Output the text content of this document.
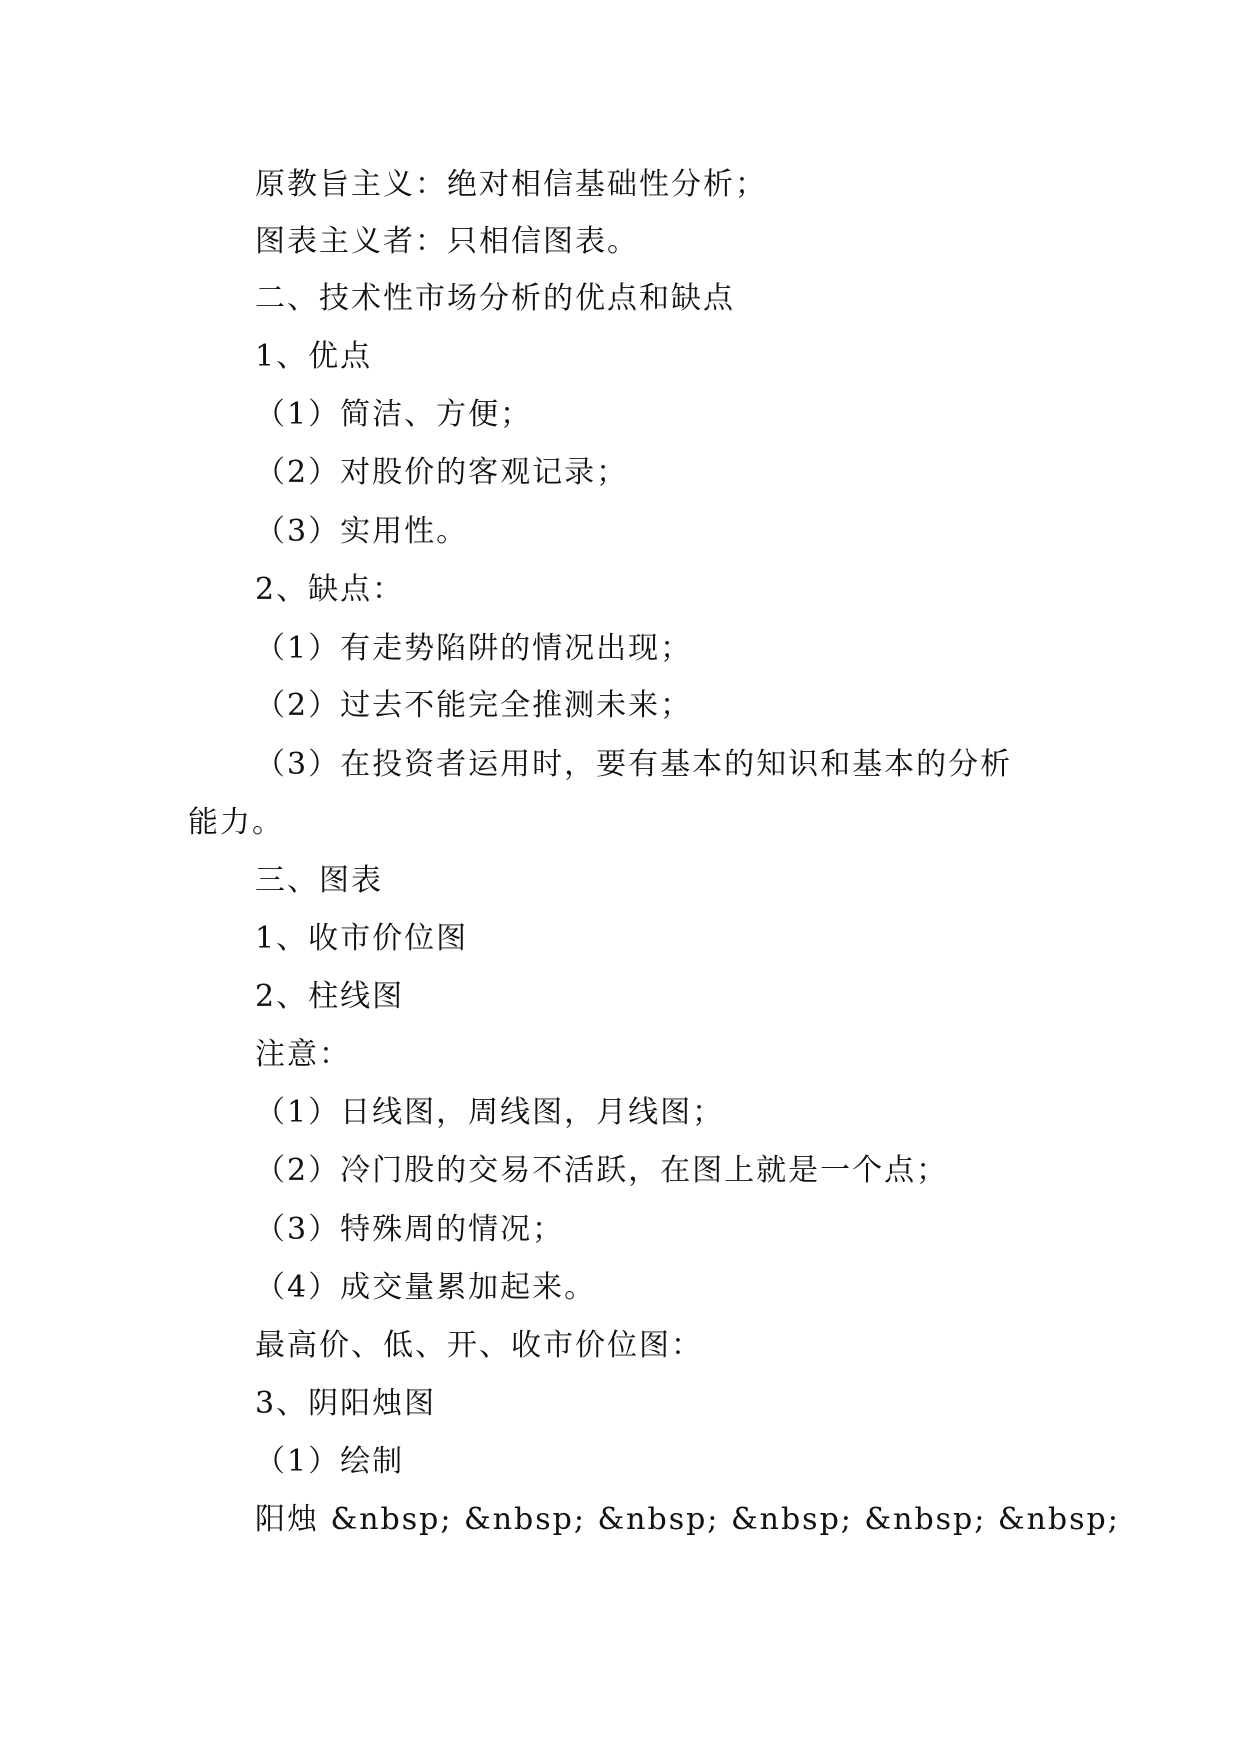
原教旨主义：绝对相信基础性分析；
图表主义者：只相信图表。
二、技术性市场分析的优点和缺点
1、优点
（1）简洁、方便；
（2）对股价的客观记录；
（3）实用性。
2、缺点：
（1）有走势陷阱的情况出现；
（2）过去不能完全推测未来；
（3）在投资者运用时，要有基本的知识和基本的分析
能力。
三、图表
1、收市价位图
2、柱线图
注意：
（1）日线图，周线图，月线图；
（2）冷门股的交易不活跃，在图上就是一个点；
（3）特殊周的情况；
（4）成交量累加起来。
最高价、低、开、收市价位图：
3、阴阳烛图
（1）绘制
阳烛 &nbsp; &nbsp; &nbsp; &nbsp; &nbsp; &nbsp;
